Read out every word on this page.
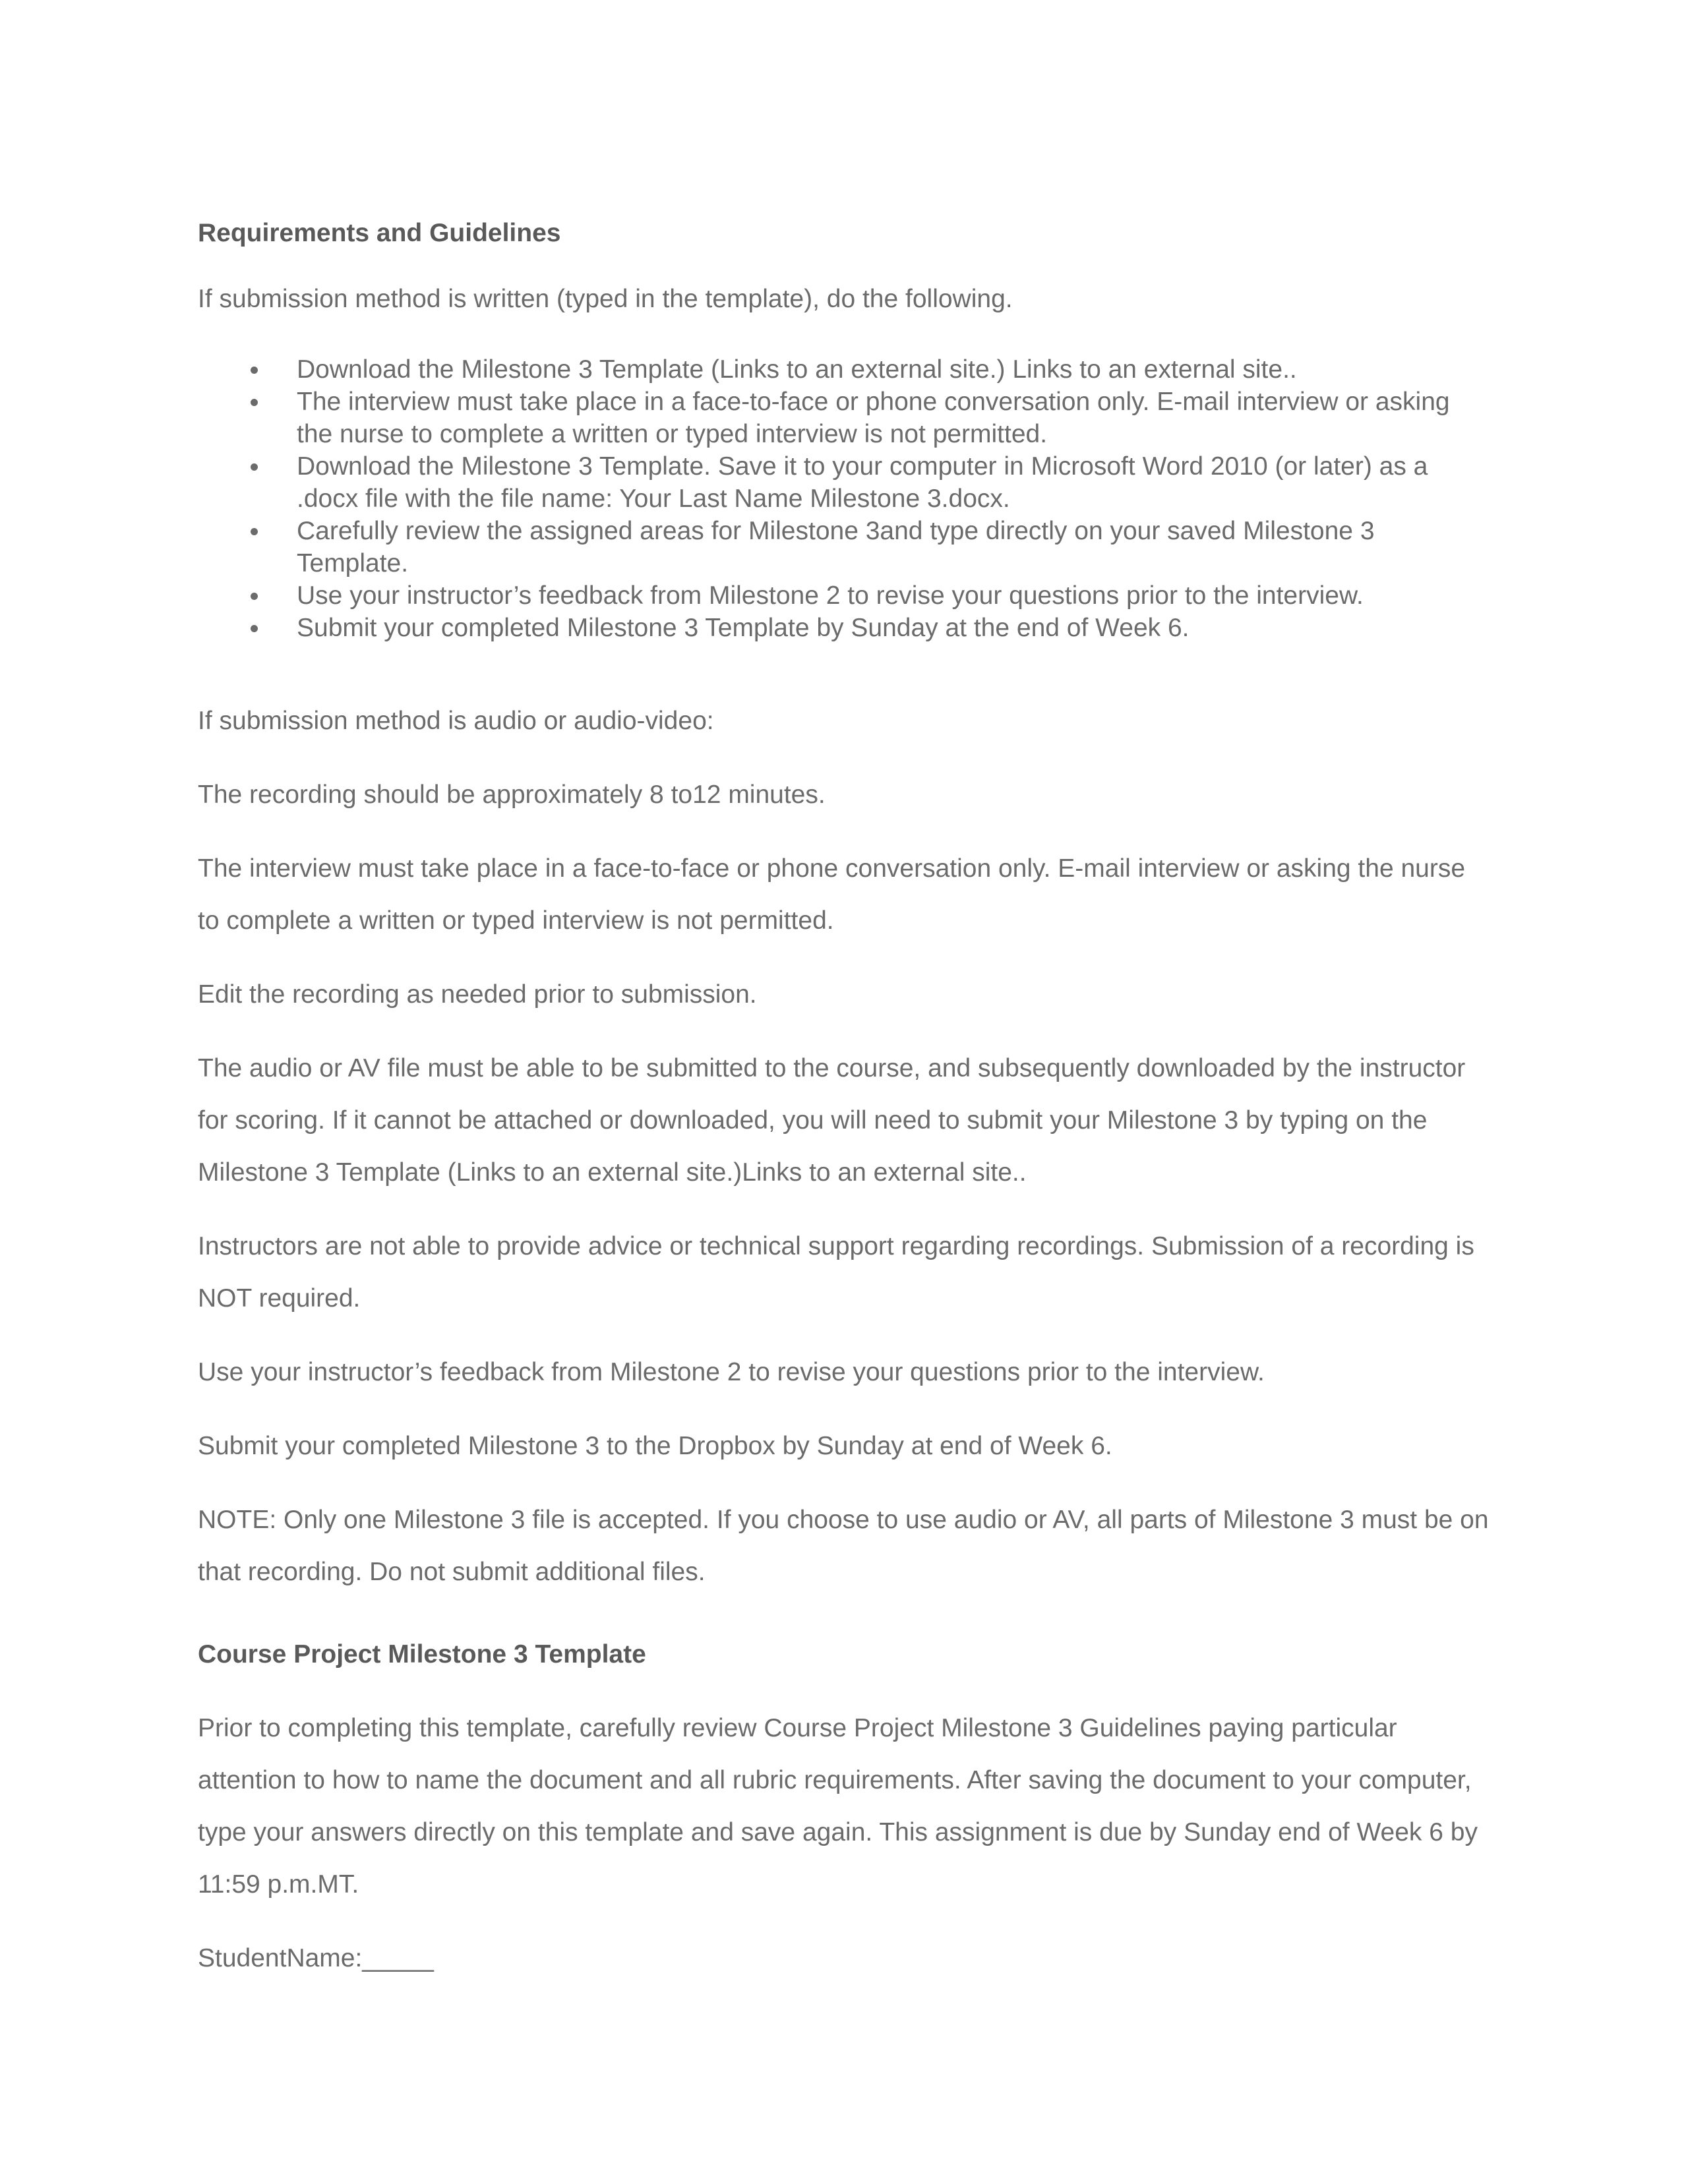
Requirements and Guidelines

If submission method is written (typed in the template), do the following.

Download the Milestone 3 Template (Links to an external site.) Links to an external site..
The interview must take place in a face-to-face or phone conversation only. E-mail interview or asking the nurse to complete a written or typed interview is not permitted.
Download the Milestone 3 Template. Save it to your computer in Microsoft Word 2010 (or later) as a .docx file with the file name: Your Last Name Milestone 3.docx.
Carefully review the assigned areas for Milestone 3and type directly on your saved Milestone 3 Template.
Use your instructor’s feedback from Milestone 2 to revise your questions prior to the interview.
Submit your completed Milestone 3 Template by Sunday at the end of Week 6.

If submission method is audio or audio-video:

The recording should be approximately 8 to12 minutes.

The interview must take place in a face-to-face or phone conversation only. E-mail interview or asking the nurse to complete a written or typed interview is not permitted.

Edit the recording as needed prior to submission.

The audio or AV file must be able to be submitted to the course, and subsequently downloaded by the instructor for scoring. If it cannot be attached or downloaded, you will need to submit your Milestone 3 by typing on the Milestone 3 Template (Links to an external site.)Links to an external site..

Instructors are not able to provide advice or technical support regarding recordings. Submission of a recording is NOT required.

Use your instructor’s feedback from Milestone 2 to revise your questions prior to the interview.

Submit your completed Milestone 3 to the Dropbox by Sunday at end of Week 6.

NOTE: Only one Milestone 3 file is accepted. If you choose to use audio or AV, all parts of Milestone 3 must be on that recording. Do not submit additional files.

Course Project Milestone 3 Template

Prior to completing this template, carefully review Course Project Milestone 3 Guidelines paying particular attention to how to name the document and all rubric requirements. After saving the document to your computer, type your answers directly on this template and save again. This assignment is due by Sunday end of Week 6 by 11:59 p.m.MT.

StudentName:_____
